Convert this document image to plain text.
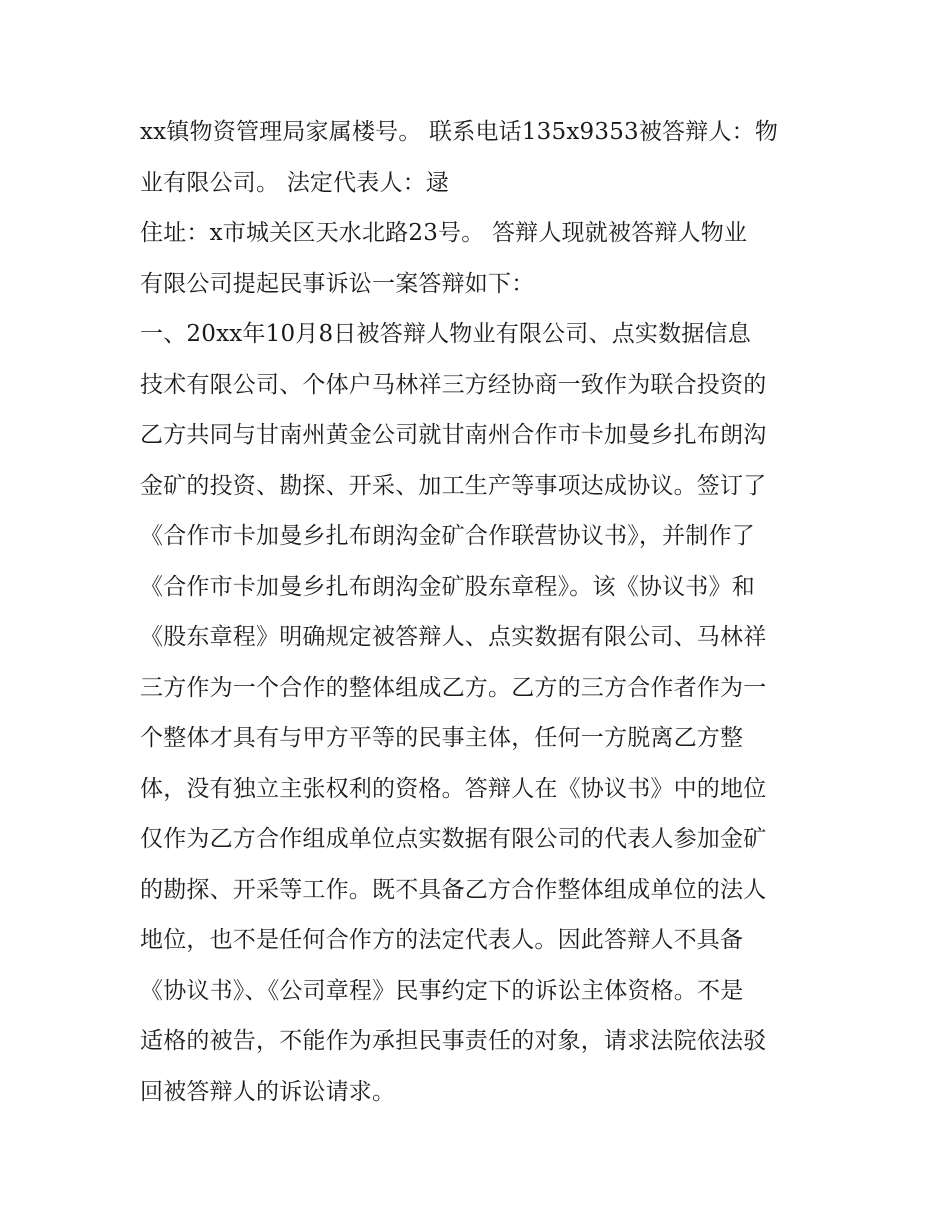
xx镇物资管理局家属楼号。 联系电话135x9353被答辩人：物
业有限公司。 法定代表人：逯
住址：x市城关区天水北路23号。 答辩人现就被答辩人物业
有限公司提起民事诉讼一案答辩如下：
一、20xx年10月8日被答辩人物业有限公司、点实数据信息
技术有限公司、个体户马林祥三方经协商一致作为联合投资的
乙方共同与甘南州黄金公司就甘南州合作市卡加曼乡扎布朗沟
金矿的投资、勘探、开采、加工生产等事项达成协议。签订了
《合作市卡加曼乡扎布朗沟金矿合作联营协议书》，并制作了
《合作市卡加曼乡扎布朗沟金矿股东章程》。该《协议书》和
《股东章程》明确规定被答辩人、点实数据有限公司、马林祥
三方作为一个合作的整体组成乙方。乙方的三方合作者作为一
个整体才具有与甲方平等的民事主体，任何一方脱离乙方整
体，没有独立主张权利的资格。答辩人在《协议书》中的地位
仅作为乙方合作组成单位点实数据有限公司的代表人参加金矿
的勘探、开采等工作。既不具备乙方合作整体组成单位的法人
地位，也不是任何合作方的法定代表人。因此答辩人不具备
《协议书》、《公司章程》民事约定下的诉讼主体资格。不是
适格的被告，不能作为承担民事责任的对象，请求法院依法驳
回被答辩人的诉讼请求。
